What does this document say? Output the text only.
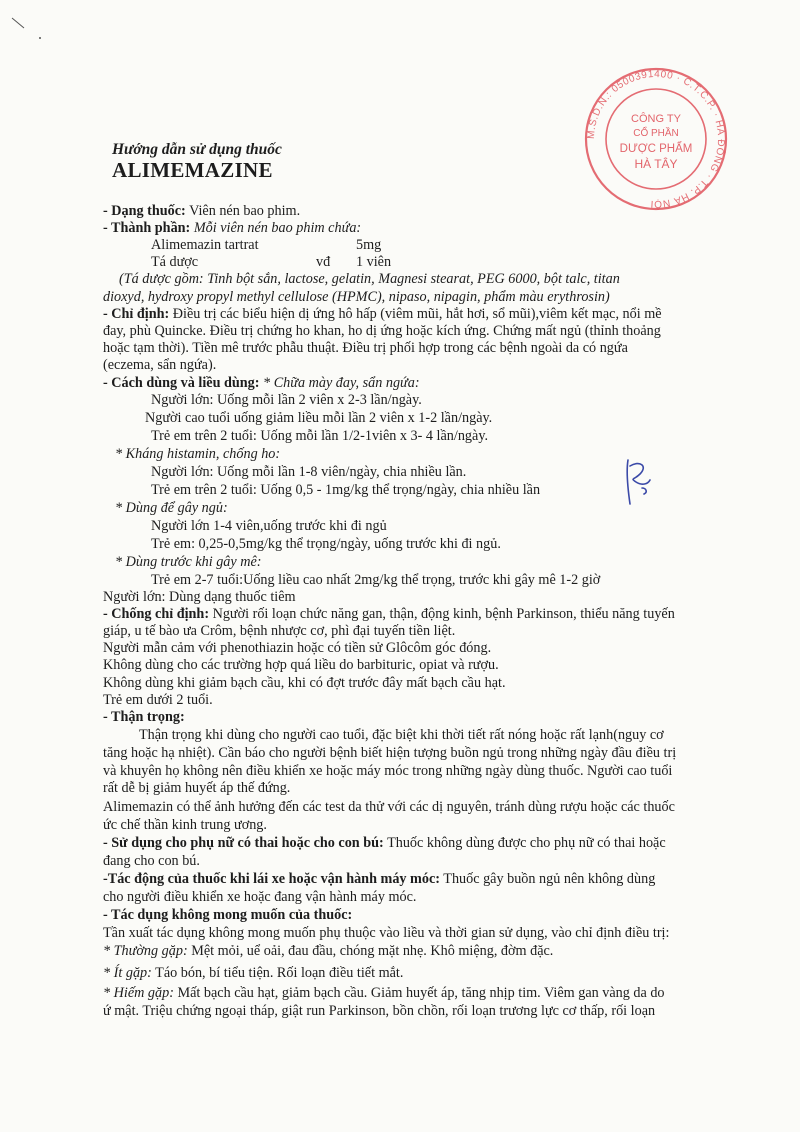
M.S.D.N.: 0500391400 · C.T.C.P. · HÀ ĐÔNG · T.P. HÀ NỘI
CÔNG TY
CỔ PHẦN
DƯỢC PHẨM
HÀ TÂY
Hướng dẫn sử dụng thuốc
ALIMEMAZINE
- Dạng thuốc: Viên nén bao phim.
- Thành phần: Mỗi viên nén bao phim chứa:
Alimemazin tartrat	5mg
Tá dược	vđ 1 viên
(Tá dược gồm: Tinh bột sắn, lactose, gelatin, Magnesi stearat, PEG 6000, bột talc, titan
dioxyd, hydroxy propyl methyl cellulose (HPMC), nipaso, nipagin, phẩm màu erythrosin)
- Chỉ định: Điều trị các biểu hiện dị ứng hô hấp (viêm mũi, hắt hơi, sổ mũi),viêm kết mạc, nổi mề
đay, phù Quincke. Điều trị chứng ho khan, ho dị ứng hoặc kích ứng. Chứng mất ngủ (thỉnh thoảng
hoặc tạm thời). Tiền mê trước phẫu thuật. Điều trị phối hợp trong các bệnh ngoài da có ngứa
(eczema, sẩn ngứa).
- Cách dùng và liều dùng: * Chữa mày đay, sẩn ngứa:
Người lớn: Uống mỗi lần 2 viên x 2-3 lần/ngày.
Người cao tuổi uống giảm liều mỗi lần 2 viên x 1-2 lần/ngày.
Trẻ em trên 2 tuổi: Uống mỗi lần 1/2-1viên x 3- 4 lần/ngày.
* Kháng histamin, chống ho:
Người lớn: Uống mỗi lần 1-8 viên/ngày, chia nhiều lần.
Trẻ em trên 2 tuổi: Uống 0,5 - 1mg/kg thể trọng/ngày, chia nhiều lần
* Dùng để gây ngủ:
Người lớn 1-4 viên,uống trước khi đi ngủ
Trẻ em: 0,25-0,5mg/kg thể trọng/ngày, uống trước khi đi ngủ.
* Dùng trước khi gây mê:
Trẻ em 2-7 tuổi:Uống liều cao nhất 2mg/kg thể trọng, trước khi gây mê 1-2 giờ
Người lớn: Dùng dạng thuốc tiêm
- Chống chỉ định: Người rối loạn chức năng gan, thận, động kinh, bệnh Parkinson, thiểu năng tuyến
giáp, u tế bào ưa Crôm, bệnh nhược cơ, phì đại tuyến tiền liệt.
Người mẫn cảm với phenothiazin hoặc có tiền sử Glôcôm góc đóng.
Không dùng cho các trường hợp quá liều do barbituric, opiat và rượu.
Không dùng khi giảm bạch cầu, khi có đợt trước đây mất bạch cầu hạt.
Trẻ em dưới 2 tuổi.
- Thận trọng:
Thận trọng khi dùng cho người cao tuổi, đặc biệt khi thời tiết rất nóng hoặc rất lạnh(nguy cơ
tăng hoặc hạ nhiệt). Cần báo cho người bệnh biết hiện tượng buồn ngủ trong những ngày đầu điều trị
và khuyên họ không nên điều khiển xe hoặc máy móc trong những ngày dùng thuốc. Người cao tuổi
rất dễ bị giảm huyết áp thế đứng.
Alimemazin có thể ảnh hưởng đến các test da thử với các dị nguyên, tránh dùng rượu hoặc các thuốc
ức chế thần kinh trung ương.
- Sử dụng cho phụ nữ có thai hoặc cho con bú: Thuốc không dùng được cho phụ nữ có thai hoặc
đang cho con bú.
-Tác động của thuốc khi lái xe hoặc vận hành máy móc: Thuốc gây buồn ngủ nên không dùng
cho người điều khiển xe hoặc đang vận hành máy móc.
- Tác dụng không mong muốn của thuốc:
Tần xuất tác dụng không mong muốn phụ thuộc vào liều và thời gian sử dụng, vào chỉ định điều trị:
* Thường gặp: Mệt mỏi, uể oải, đau đầu, chóng mặt nhẹ. Khô miệng, đờm đặc.
* Ít gặp: Táo bón, bí tiểu tiện. Rối loạn điều tiết mắt.
* Hiếm gặp: Mất bạch cầu hạt, giảm bạch cầu. Giảm huyết áp, tăng nhịp tim. Viêm gan vàng da do
ứ mật. Triệu chứng ngoại tháp, giật run Parkinson, bồn chồn, rối loạn trương lực cơ thấp, rối loạn
